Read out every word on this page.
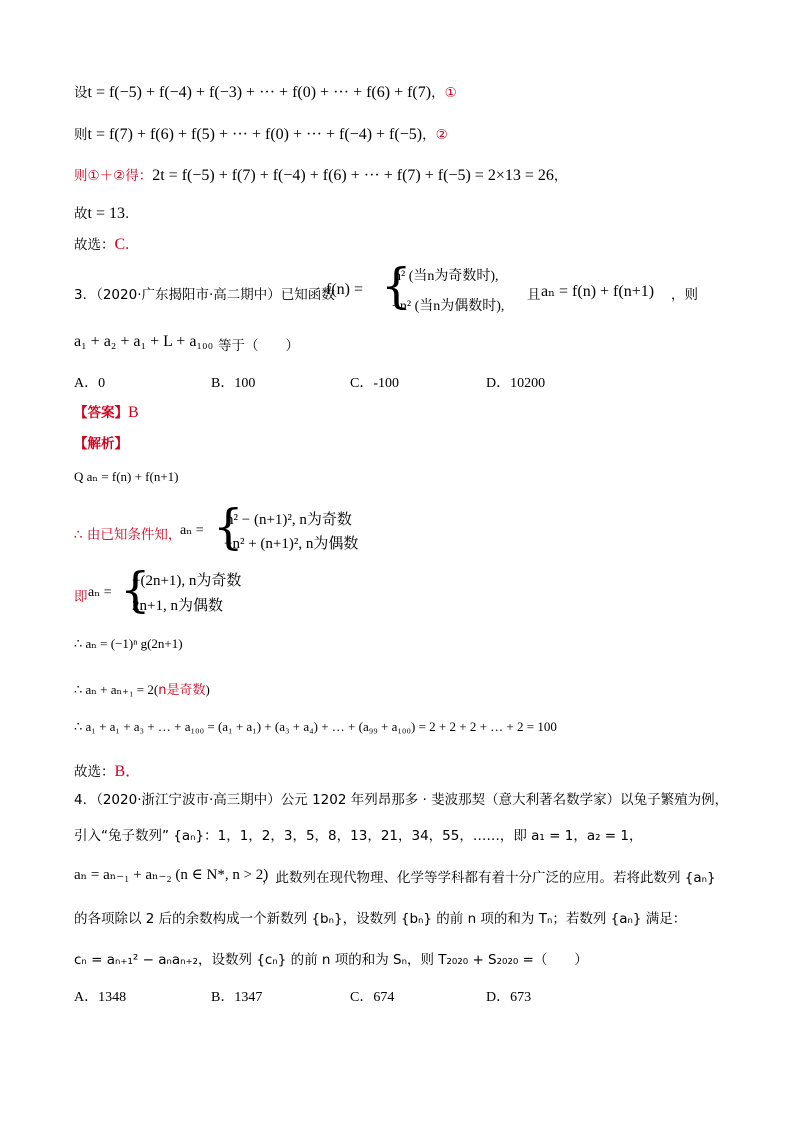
设t = f(−5) + f(−4) + f(−3) + ··· + f(0) + ··· + f(6) + f(7)，①
则t = f(7) + f(6) + f(5) + ··· + f(0) + ··· + f(−4) + f(−5)，②
则①＋②得：2t = f(−5) + f(7) + f(−4) + f(6) + ··· + f(7) + f(−5) = 2×13 = 26，
故t = 13.
故选：C.
3．（2020·广东揭阳市·高二期中）已知函数
f(n) = {
n² (当n为奇数时),
−n² (当n为偶数时),
且 aₙ = f(n) + f(n+1) ，则
a₁ + a₂ + a₁ + L + a₁₀₀ 等于（　　）
A．0	B．100	C．-100	D．10200
【答案】B
【解析】
Q aₙ = f(n) + f(n+1)
∴ 由已知条件知，
aₙ = {
n² − (n+1)², n为奇数
−n² + (n+1)², n为偶数
即 aₙ = {
−(2n+1), n为奇数
2n+1, n为偶数
∴ aₙ = (−1)ⁿ g(2n+1)
∴ aₙ + aₙ₊₁ = 2(n是奇数)
∴ a₁ + a₁ + a₃ + … + a₁₀₀ = (a₁ + a₁) + (a₃ + a₄) + … + (a₉₉ + a₁₀₀) = 2 + 2 + 2 + … + 2 = 100
故选：B．
4．（2020·浙江宁波市·高三期中）公元 1202 年列昂那多 · 斐波那契（意大利著名数学家）以兔子繁殖为例，
引入“兔子数列” {aₙ}：1，1，2，3，5，8，13，21，34，55，……，即 a₁ = 1，a₂ = 1，
aₙ = aₙ₋₁ + aₙ₋₂ (n ∈ N*, n > 2)
，此数列在现代物理、化学等学科都有着十分广泛的应用。若将此数列 {aₙ}
的各项除以 2 后的余数构成一个新数列 {bₙ}，设数列 {bₙ} 的前 n 项的和为 Tₙ；若数列 {aₙ} 满足：
cₙ = aₙ₊₁² − aₙaₙ₊₂，设数列 {cₙ} 的前 n 项的和为 Sₙ，则 T₂₀₂₀ + S₂₀₂₀ =（　　）
A．1348	B．1347	C．674	D．673
